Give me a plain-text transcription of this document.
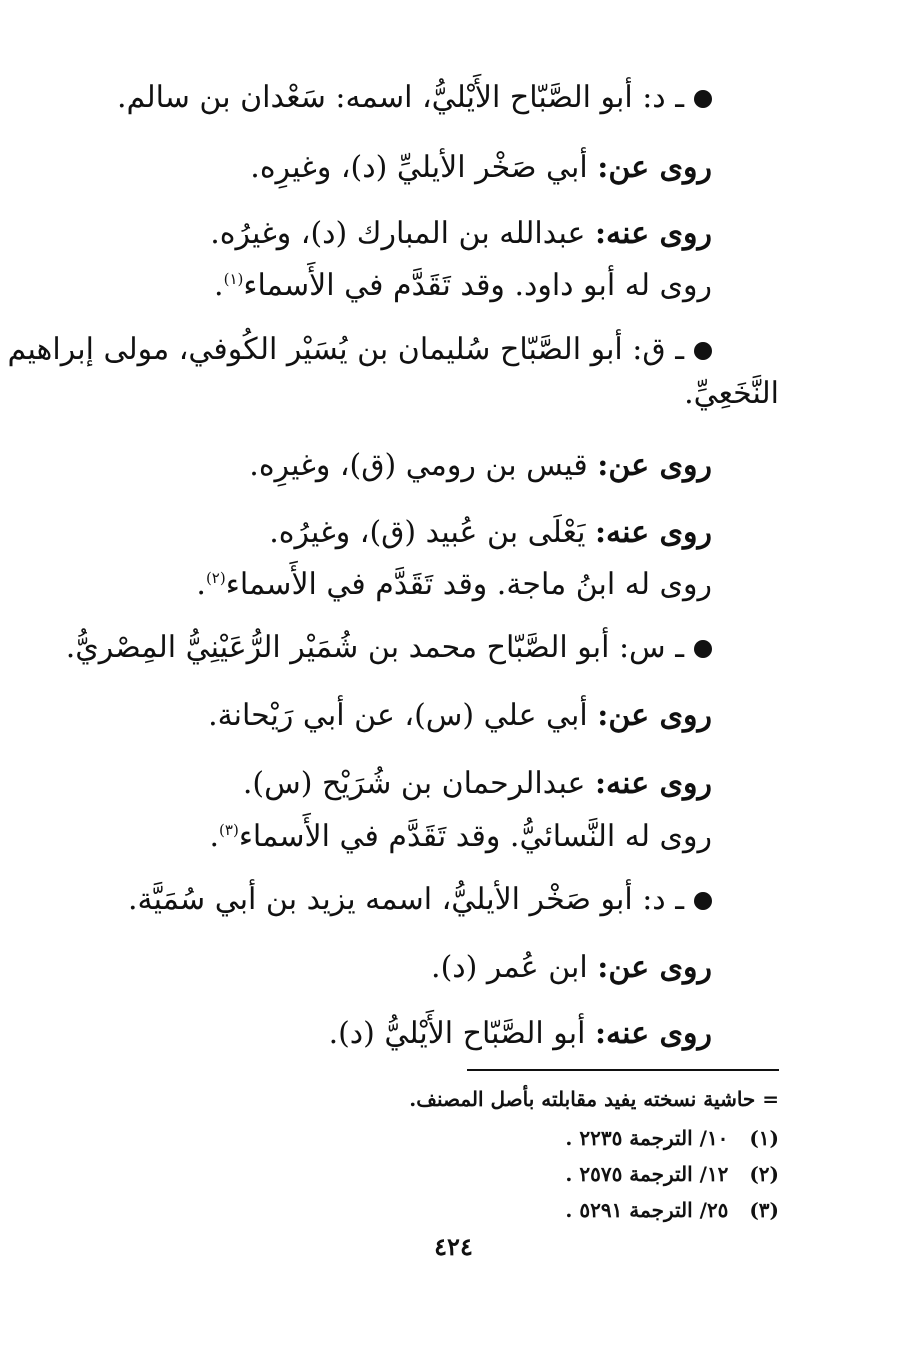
ـ د: أبو الصَّبّاح الأَيْليُّ، اسمه: سَعْدان بن سالم.
روى عن: أبي صَخْر الأيليِّ (د)، وغيرِه.
روى عنه: عبدالله بن المبارك (د)، وغيرُه.
روى له أبو داود. وقد تَقَدَّم في الأَسماء$^{(١)}$.
ـ ق: أبو الصَّبّاح سُليمان بن يُسَيْر الكُوفي، مولى إبراهيم
النَّخَعِيِّ.
روى عن: قيس بن رومي (ق)، وغيرِه.
روى عنه: يَعْلَى بن عُبيد (ق)، وغيرُه.
روى له ابنُ ماجة. وقد تَقَدَّم في الأَسماء$^{(٢)}$.
ـ س: أبو الصَّبّاح محمد بن شُمَيْر الرُّعَيْنِيُّ المِصْريُّ.
روى عن: أبي علي (س)، عن أبي رَيْحانة.
روى عنه: عبدالرحمان بن شُرَيْح (س).
روى له النَّسائيُّ. وقد تَقَدَّم في الأَسماء$^{(٣)}$.
ـ د: أبو صَخْر الأيليُّ، اسمه يزيد بن أبي سُمَيَّة.
روى عن: ابن عُمر (د).
روى عنه: أبو الصَّبّاح الأَيْليُّ (د).
= حاشية نسخته يفيد مقابلته بأصل المصنف.
(١)   ١٠/ الترجمة ٢٢٣٥ .
(٢)   ١٢/ الترجمة ٢٥٧٥ .
(٣)   ٢٥/ الترجمة ٥٢٩١ .
٤٢٤
